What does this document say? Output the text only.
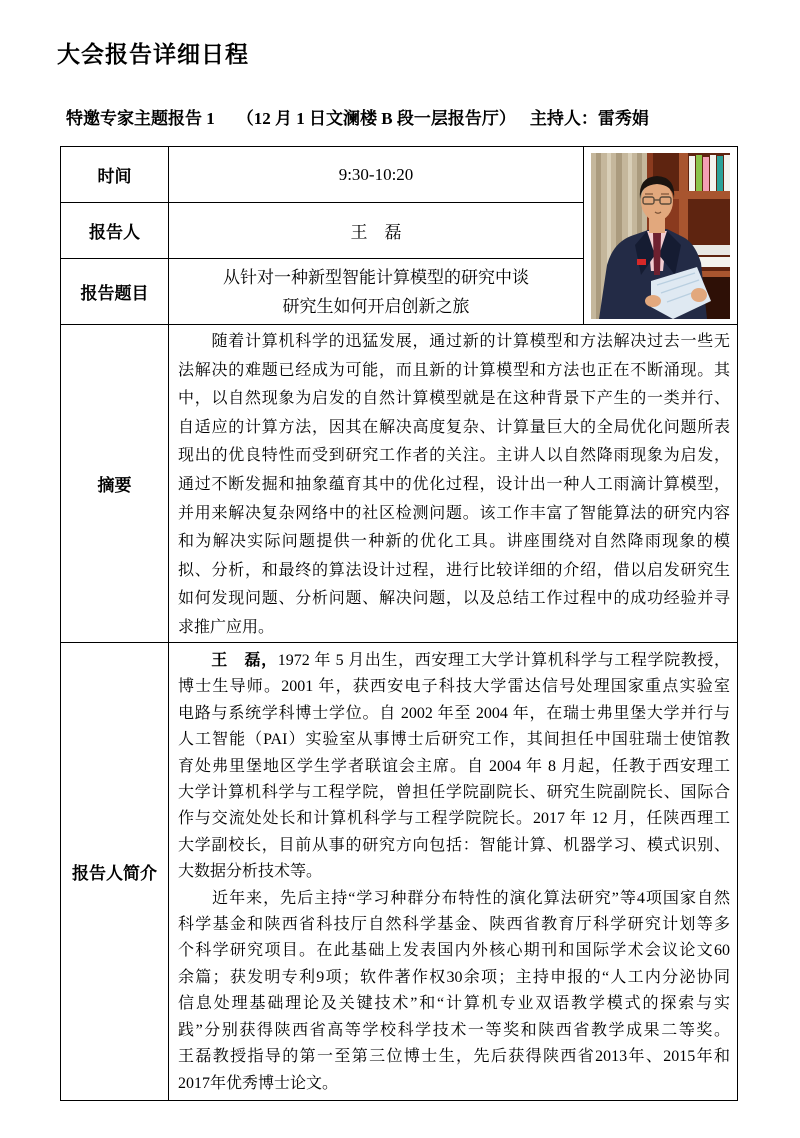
大会报告详细日程
特邀专家主题报告 1 （12 月 1 日文澜楼 B 段一层报告厅） 主持人：雷秀娟
时间	9:30-10:20
报告人	王　磊
报告题目
从针对一种新型智能计算模型的研究中谈
研究生如何开启创新之旅
摘要
　　随着计算机科学的迅猛发展，通过新的计算模型和方法解决过去一些无
法解决的难题已经成为可能，而且新的计算模型和方法也正在不断涌现。其
中，以自然现象为启发的自然计算模型就是在这种背景下产生的一类并行、
自适应的计算方法，因其在解决高度复杂、计算量巨大的全局优化问题所表
现出的优良特性而受到研究工作者的关注。主讲人以自然降雨现象为启发，
通过不断发掘和抽象蕴育其中的优化过程，设计出一种人工雨滴计算模型，
并用来解决复杂网络中的社区检测问题。该工作丰富了智能算法的研究内容
和为解决实际问题提供一种新的优化工具。讲座围绕对自然降雨现象的模
拟、分析，和最终的算法设计过程，进行比较详细的介绍，借以启发研究生
如何发现问题、分析问题、解决问题，以及总结工作过程中的成功经验并寻
求推广应用。
报告人简介
　　王　磊，1972 年 5 月出生，西安理工大学计算机科学与工程学院教授，
博士生导师。2001 年，获西安电子科技大学雷达信号处理国家重点实验室
电路与系统学科博士学位。自 2002 年至 2004 年，在瑞士弗里堡大学并行与
人工智能（PAI）实验室从事博士后研究工作，其间担任中国驻瑞士使馆教
育处弗里堡地区学生学者联谊会主席。自 2004 年 8 月起，任教于西安理工
大学计算机科学与工程学院，曾担任学院副院长、研究生院副院长、国际合
作与交流处处长和计算机科学与工程学院院长。2017 年 12 月，任陕西理工
大学副校长，目前从事的研究方向包括：智能计算、机器学习、模式识别、
大数据分析技术等。
　　近年来，先后主持“学习种群分布特性的演化算法研究”等4项国家自然
科学基金和陕西省科技厅自然科学基金、陕西省教育厅科学研究计划等多
个科学研究项目。在此基础上发表国内外核心期刊和国际学术会议论文60
余篇；获发明专利9项；软件著作权30余项；主持申报的“人工内分泌协同
信息处理基础理论及关键技术”和“计算机专业双语教学模式的探索与实
践”分别获得陕西省高等学校科学技术一等奖和陕西省教学成果二等奖。
王磊教授指导的第一至第三位博士生，先后获得陕西省2013年、2015年和
2017年优秀博士论文。
